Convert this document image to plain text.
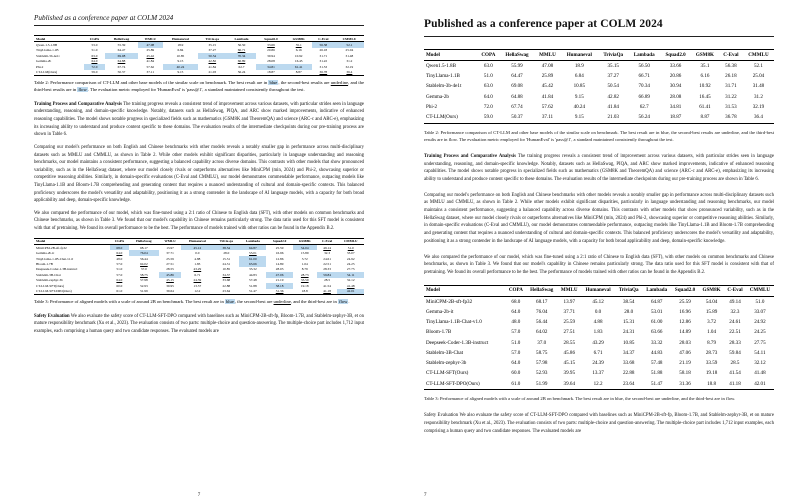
Published as a conference paper at COLM 2024
Model	CGPA	HellaSwag	WMLU	Humaneval	Trivia qa	Lambada	Squad2.0	GSM8K	C-Eval	CMMLU
Qwen-1.5-1.8B	53.0	55.39	47.08	18.9	35.15	56.50	33.66	35.1	56.38	52.1
TinyLlama-1.1B	51.0	64.47	25.89	6.84	37.27	66.71	20.86	6.16	26.18	25.04
Stablelm-3b-4e1t	63.0	69.08	45.42	10.85	50.54	70.34	30.94	10.92	31.71	31.48
Gemma-2b	64.0	64.88	41.84	9.15	42.82	66.89	28.08	16.45	31.22	31.2
Phi-2	72.0	67.74	57.62	40.24	41.84	62.7	34.81	61.41	31.53	32.19
CT-LLM(Ours)	59.0	50.37	37.11	9.15	21.03	56.24	18.87	8.87	36.78	36.4
Table 2: Performance comparison of CT-LLM and other base models of the similar scale on benchmark. The best result are in blue, the second-best results are underline, and the third-best results are in flow. The evaluation metric employed for 'HumanEval' is 'pass@1', a standard maintained consistently throughout the test.

Training Process and Comparative Analysis The training progress reveals a consistent trend of improvement across various datasets, with particular strides seen in language understanding, reasoning, and domain-specific knowledge. Notably, datasets such as HellaSwag, PIQA, and ARC show marked improvements, indicative of enhanced reasoning capabilities. The model shows notable progress in specialized fields such as mathematics (GSM8K and TheoremQA) and science (ARC-c and ARC-e), emphasizing its increasing ability to understand and produce content specific to these domains. The evaluation results of the intermediate checkpoints during our pre-training process are shown in Table 6.

Comparing our model's performance on both English and Chinese benchmarks with other models reveals a notably smaller gap in performance across multi-disciplinary datasets such as MMLU and CMMLU, as shown in Table 2. While other models exhibit significant disparities, particularly in language understanding and reasoning benchmarks, our model maintains a consistent performance, suggesting a balanced capability across diverse domains. This contrasts with other models that show pronounced variability, such as in the HellaSwag dataset, where our model closely rivals or outperforms alternatives like MiniCPM (min, 2024) and Phi-2, showcasing superior or competitive reasoning abilities. Similarly, in domain-specific evaluations (C-Eval and CMMLU), our model demonstrates commendable performance, outpacing models like TinyLlama-1.1B and Bloom-1.7B comprehending and generating content that requires a nuanced understanding of cultural and domain-specific contexts. This balanced proficiency underscores the model's versatility and adaptability, positioning it as a strong contender in the landscape of AI language models, with a capacity for both broad applicability and deep, domain-specific knowledge.

We also compared the performance of our model, which was fine-tuned using a 2:1 ratio of Chinese to English data (SFT), with other models on common benchmarks and Chinese benchmarks, as shown in Table 3. We found that our model's capability in Chinese remains particularly strong. The data ratio used for this SFT model is consistent with that of pretraining. We found its overall performance to be the best. The performance of models trained with other ratios can be found in the Appendix B.2.

Model	CGPA	HellaSwag	WMLU	Humaneval	Trivia qa	Lambada	Squad2.0	GSM8K	C-Eval	CMMLU
MiniCPM-2B-sft-fp32	68.0	68.17	13.97	45.12	38.54	64.87	25.59	54.04	49.14	51.0
Gemma-2b-it	64.0	76.04	37.71	0.0	28.0	53.01	16.96	15.89	32.3	33.07
TinyLlama-1.1B-Chat-v1.0	48.0	56.44	25.59	4.88	15.31	61.00	12.86	3.72	24.61	24.92
Bloom-1.7B	57.0	64.02	27.51	1.83	24.31	63.66	14.89	1.04	22.51	24.25
Deepseek-Coder-1.3B-instruct	51.0	37.0	28.55	43.29	10.85	33.32	28.03	8.79	28.33	27.75
Stablelm-3B-Chat	57.0	58.75	45.86	6.71	34.37	44.83	47.06	28.73	59.84	54.11
Stablelm-zephyr-3b	64.0	57.98	45.15	24.39	33.68	57.48	21.19	33.59	28.5	32.12
CT-LLM-SFT(Ours)	60.0	52.93	39.95	13.37	22.88	51.88	58.18	19.18	41.54	41.48
CT-LLM-SFT-DPO(Ours)	61.0	51.99	39.64	12.2	23.64	51.47	31.36	18.8	41.18	42.01
Table 3: Performance of aligned models with a scale of around 2B on benchmark. The best result are in blue, the second-best are underline, and the third-best are in flow.

Safety Evaluation We also evaluate the safety score of CT-LLM-SFT-DPO compared with baselines such as MiniCPM-2B-sft-fp, Bloom-1.7B, and Stablelm-zephyr-3B, et on mature responsibility benchmark (Xu et al., 2023). The evaluation consists of two parts: multiple-choice and question-answering. The multiple-choice part includes 1,712 input examples, each comprising a human query and two candidate responses. The evaluated models are

7
Published as a conference paper at COLM 2024
Model	COPA	HellaSwag	MMLU	Humaneval	TriviaQa	Lambada	Squad2.0	GSM8K	C-Eval	CMMLU
Qwen1.5-1.8B	63.0	55.99	47.08	18.9	35.15	56.50	33.66	35.1	56.38	52.1
TinyLlama-1.1B	51.0	64.47	25.89	6.84	37.27	66.71	20.86	6.16	26.18	25.04
Stablelm-3b-4e1t	63.0	69.08	45.42	10.85	50.54	70.34	30.94	10.92	31.71	31.48
Gemma-2b	64.0	64.88	41.84	9.15	42.82	66.89	28.08	16.45	31.22	31.2
Phi-2	72.0	67.74	57.62	40.24	41.84	62.7	34.81	61.41	31.53	32.19
CT-LLM(Ours)	59.0	50.37	37.11	9.15	21.03	56.24	18.87	8.87	36.78	36.4
Table 2: Performance comparison of CT-LLM and other base models of the similar scale on benchmark. The best result are in blue, the second-best results are underline, and the third-best results are in flow. The evaluation metric employed for 'HumanEval' is 'pass@1', a standard maintained consistently throughout the test.

Training Process and Comparative Analysis The training progress reveals a consistent trend of improvement across various datasets, with particular strides seen in language understanding, reasoning, and domain-specific knowledge. Notably, datasets such as HellaSwag, PIQA, and ARC show marked improvements, indicative of enhanced reasoning capabilities. The model shows notable progress in specialized fields such as mathematics (GSM8K and TheoremQA) and science (ARC-c and ARC-e), emphasizing its increasing ability to understand and produce content specific to these domains. The evaluation results of the intermediate checkpoints during our pre-training process are shown in Table 6.

Comparing our model's performance on both English and Chinese benchmarks with other models reveals a notably smaller gap in performance across multi-disciplinary datasets such as MMLU and CMMLU, as shown in Table 2. While other models exhibit significant disparities, particularly in language understanding and reasoning benchmarks, our model maintains a consistent performance, suggesting a balanced capability across diverse domains. This contrasts with other models that show pronounced variability, such as in the HellaSwag dataset, where our model closely rivals or outperforms alternatives like MiniCPM (min, 2024) and Phi-2, showcasing superior or competitive reasoning abilities. Similarly, in domain-specific evaluations (C-Eval and CMMLU), our model demonstrates commendable performance, outpacing models like TinyLlama-1.1B and Bloom-1.7B comprehending and generating content that requires a nuanced understanding of cultural and domain-specific contexts. This balanced proficiency underscores the model's versatility and adaptability, positioning it as a strong contender in the landscape of AI language models, with a capacity for both broad applicability and deep, domain-specific knowledge.

We also compared the performance of our model, which was fine-tuned using a 2:1 ratio of Chinese to English data (SFT), with other models on common benchmarks and Chinese benchmarks, as shown in Table 3. We found that our model's capability in Chinese remains particularly strong. The data ratio used for this SFT model is consistent with that of pretraining. We found its overall performance to be the best. The performance of models trained with other ratios can be found in the Appendix B.2.

Model	COPA	HellaSwag	MMLU	Humaneval	TriviaQa	Lambada	Squad2.0	GSM8K	C-Eval	CMMLU
MiniCPM-2B-sft-fp32	68.0	68.17	13.97	45.12	38.54	64.87	25.59	54.04	49.14	51.0
Gemma-2b-it	64.0	76.04	37.71	0.0	28.0	53.01	16.96	15.89	32.3	33.07
TinyLlama-1.1B-Chat-v1.0	48.0	56.44	25.59	4.88	15.31	61.00	12.86	3.72	24.61	24.92
Bloom-1.7B	57.0	64.02	27.51	1.83	24.31	63.66	14.89	1.04	22.51	24.25
Deepseek-Coder-1.3B-instruct	51.0	37.0	28.55	43.29	10.85	33.32	28.03	8.79	28.33	27.75
Stablelm-3B-Chat	57.0	58.75	45.86	6.71	34.37	44.83	47.06	28.73	59.84	54.11
Stablelm-zephyr-3b	64.0	57.98	45.15	24.39	33.68	57.48	21.19	33.59	28.5	32.12
CT-LLM-SFT(Ours)	60.0	52.93	39.95	13.37	22.88	51.88	58.18	19.18	41.54	41.48
CT-LLM-SFT-DPO(Ours)	61.0	51.99	39.64	12.2	23.64	51.47	31.36	18.8	41.18	42.01
Table 3: Performance of aligned models with a scale of around 2B on benchmark. The best result are in blue, the second-best are underline, and the third-best are in flow.

Safety Evaluation We also evaluate the safety score of CT-LLM-SFT-DPO compared with baselines such as MiniCPM-2B-sft-fp, Bloom-1.7B, and Stablelm-zephyr-3B, et on mature responsibility benchmark (Xu et al., 2023). The evaluation consists of two parts: multiple-choice and question-answering. The multiple-choice part includes 1,712 input examples, each comprising a human query and two candidate responses. The evaluated models are

7
